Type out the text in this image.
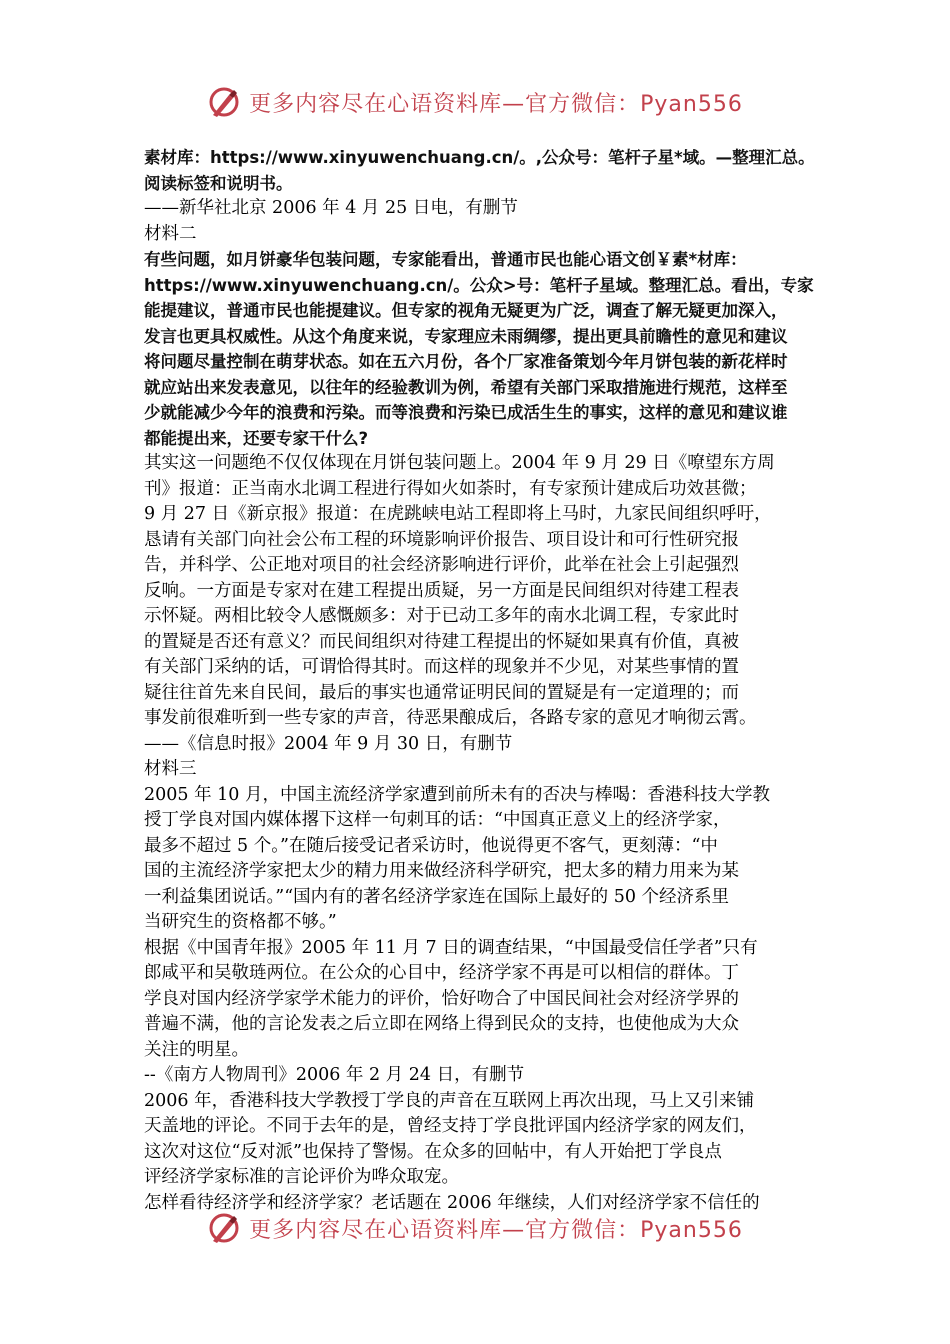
更多内容尽在心语资料库—官方微信：Pyan556
素材库：https://www.xinyuwenchuang.cn/。,公众号：笔杆子星*域。—整理汇总。
阅读标签和说明书。
——新华社北京 2006 年 4 月 25 日电，有删节
材料二
有些问题，如月饼豪华包装问题，专家能看出，普通市民也能心语文创￥素*材库：
https://www.xinyuwenchuang.cn/。公众>号：笔杆子星域。整理汇总。看出，专家
能提建议，普通市民也能提建议。但专家的视角无疑更为广泛，调查了解无疑更加深入，
发言也更具权威性。从这个角度来说，专家理应未雨绸缪，提出更具前瞻性的意见和建议
将问题尽量控制在萌芽状态。如在五六月份，各个厂家准备策划今年月饼包装的新花样时
就应站出来发表意见，以往年的经验教训为例，希望有关部门采取措施进行规范，这样至
少就能减少今年的浪费和污染。而等浪费和污染已成活生生的事实，这样的意见和建议谁
都能提出来，还要专家干什么?
其实这一问题绝不仅仅体现在月饼包装问题上。2004 年 9 月 29 日《嘹望东方周
刊》报道：正当南水北调工程进行得如火如荼时，有专家预计建成后功效甚微；
9 月 27 日《新京报》报道：在虎跳峡电站工程即将上马时，九家民间组织呼吁，
恳请有关部门向社会公布工程的环境影响评价报告、项目设计和可行性研究报
告，并科学、公正地对项目的社会经济影响进行评价，此举在社会上引起强烈
反响。一方面是专家对在建工程提出质疑，另一方面是民间组织对待建工程表
示怀疑。两相比较令人感慨颇多：对于已动工多年的南水北调工程，专家此时
的置疑是否还有意义？而民间组织对待建工程提出的怀疑如果真有价值，真被
有关部门采纳的话，可谓恰得其时。而这样的现象并不少见，对某些事情的置
疑往往首先来自民间，最后的事实也通常证明民间的置疑是有一定道理的；而
事发前很难听到一些专家的声音，待恶果酿成后，各路专家的意见才响彻云霄。
——《信息时报》2004 年 9 月 30 日，有删节
材料三
2005 年 10 月，中国主流经济学家遭到前所未有的否决与棒喝：香港科技大学教
授丁学良对国内媒体撂下这样一句刺耳的话：“中国真正意义上的经济学家，
最多不超过 5 个。”在随后接受记者采访时，他说得更不客气，更刻薄：“中
国的主流经济学家把太少的精力用来做经济科学研究，把太多的精力用来为某
一利益集团说话。”“国内有的著名经济学家连在国际上最好的 50 个经济系里
当研究生的资格都不够。”
根据《中国青年报》2005 年 11 月 7 日的调查结果，“中国最受信任学者”只有
郎咸平和吴敬琏两位。在公众的心目中，经济学家不再是可以相信的群体。丁
学良对国内经济学家学术能力的评价，恰好吻合了中国民间社会对经济学界的
普遍不满，他的言论发表之后立即在网络上得到民众的支持，也使他成为大众
关注的明星。
--《南方人物周刊》2006 年 2 月 24 日，有删节
2006 年，香港科技大学教授丁学良的声音在互联网上再次出现，马上又引来铺
天盖地的评论。不同于去年的是，曾经支持丁学良批评国内经济学家的网友们，
这次对这位“反对派”也保持了警惕。在众多的回帖中，有人开始把丁学良点
评经济学家标准的言论评价为哗众取宠。
怎样看待经济学和经济学家？老话题在 2006 年继续，人们对经济学家不信任的
更多内容尽在心语资料库—官方微信：Pyan556
